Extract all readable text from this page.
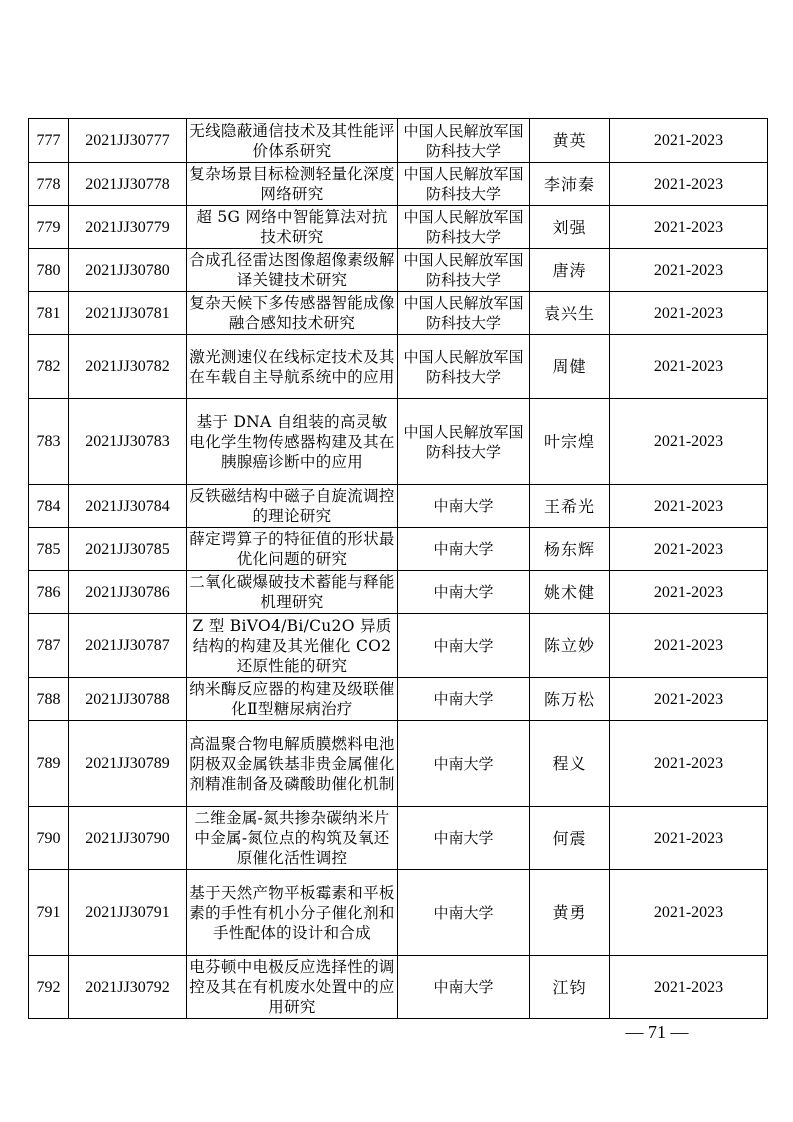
777	2021JJ30777	无线隐蔽通信技术及其性能评价体系研究	中国人民解放军国防科技大学	黄英	2021-2023
778	2021JJ30778	复杂场景目标检测轻量化深度网络研究	中国人民解放军国防科技大学	李沛秦	2021-2023
779	2021JJ30779	超 5G 网络中智能算法对抗技术研究	中国人民解放军国防科技大学	刘强	2021-2023
780	2021JJ30780	合成孔径雷达图像超像素级解译关键技术研究	中国人民解放军国防科技大学	唐涛	2021-2023
781	2021JJ30781	复杂天候下多传感器智能成像融合感知技术研究	中国人民解放军国防科技大学	袁兴生	2021-2023
782	2021JJ30782	激光测速仪在线标定技术及其在车载自主导航系统中的应用	中国人民解放军国防科技大学	周健	2021-2023
783	2021JJ30783	基于 DNA 自组装的高灵敏电化学生物传感器构建及其在胰腺癌诊断中的应用	中国人民解放军国防科技大学	叶宗煌	2021-2023
784	2021JJ30784	反铁磁结构中磁子自旋流调控的理论研究	中南大学	王希光	2021-2023
785	2021JJ30785	薛定谔算子的特征值的形状最优化问题的研究	中南大学	杨东辉	2021-2023
786	2021JJ30786	二氧化碳爆破技术蓄能与释能机理研究	中南大学	姚术健	2021-2023
787	2021JJ30787	Z 型 BiVO4/Bi/Cu2O 异质结构的构建及其光催化 CO2 还原性能的研究	中南大学	陈立妙	2021-2023
788	2021JJ30788	纳米酶反应器的构建及级联催化Ⅱ型糖尿病治疗	中南大学	陈万松	2021-2023
789	2021JJ30789	高温聚合物电解质膜燃料电池阴极双金属铁基非贵金属催化剂精准制备及磷酸助催化机制	中南大学	程义	2021-2023
790	2021JJ30790	二维金属-氮共掺杂碳纳米片中金属-氮位点的构筑及氧还原催化活性调控	中南大学	何震	2021-2023
791	2021JJ30791	基于天然产物平板霉素和平板素的手性有机小分子催化剂和手性配体的设计和合成	中南大学	黄勇	2021-2023
792	2021JJ30792	电芬顿中电极反应选择性的调控及其在有机废水处置中的应用研究	中南大学	江钧	2021-2023
— 71 —
